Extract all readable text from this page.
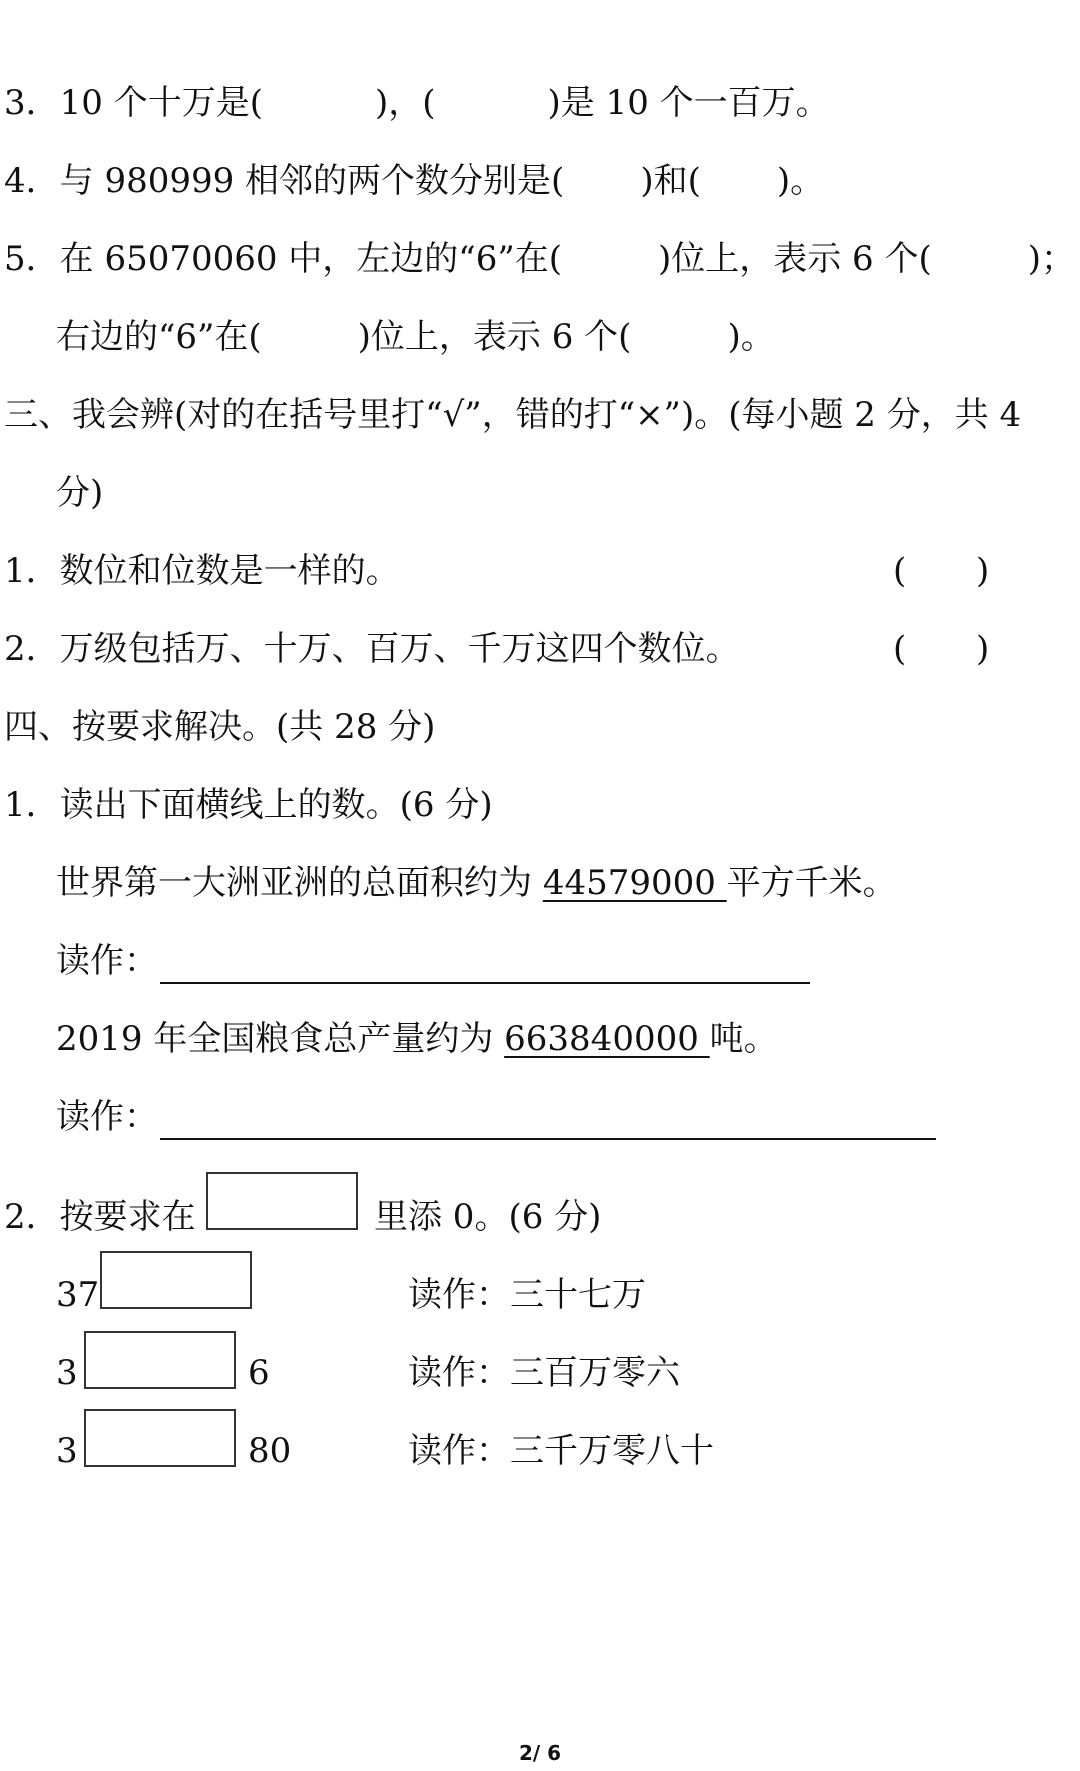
3．10 个十万是(	)，(	)是 10 个一百万。
4．与 980999 相邻的两个数分别是( )和( )。
5．在 65070060 中，左边的“6”在(	)位上，表示 6 个(	)；
右边的“6”在(	)位上，表示 6 个(	)。
三、我会辨(对的在括号里打“√”，错的打“×”)。(每小题 2 分，共 4
分)
1．数位和位数是一样的。	( )
2．万级包括万、十万、百万、千万这四个数位。	( )
四、按要求解决。(共 28 分)
1．读出下面横线上的数。(6 分)
世界第一大洲亚洲的总面积约为 44579000 平方千米。
读作：
2019 年全国粮食总产量约为 663840000 吨。
读作：
2．按要求在	里添 0。(6 分)
37	读作：三十七万
3	6	读作：三百万零六
3	80	读作：三千万零八十
2/ 6
